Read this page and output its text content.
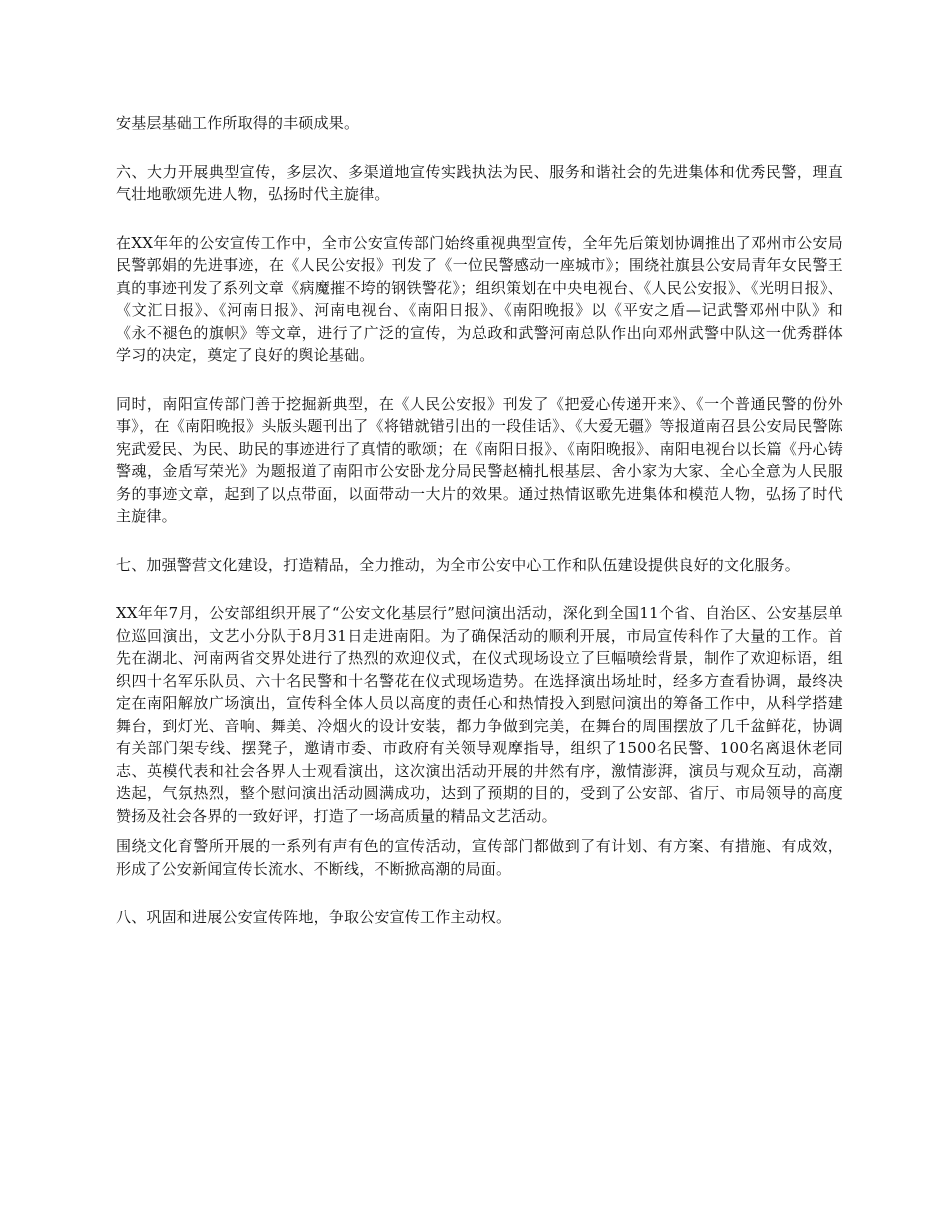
安基层基础工作所取得的丰硕成果。

六、大力开展典型宣传，多层次、多渠道地宣传实践执法为民、服务和谐社会的先进集体和优秀民警，理直气壮地歌颂先进人物，弘扬时代主旋律。

在XX年年的公安宣传工作中，全市公安宣传部门始终重视典型宣传，全年先后策划协调推出了邓州市公安局民警郭娟的先进事迹，在《人民公安报》刊发了《一位民警感动一座城市》；围绕社旗县公安局青年女民警王真的事迹刊发了系列文章《病魔摧不垮的钢铁警花》；组织策划在中央电视台、《人民公安报》、《光明日报》、《文汇日报》、《河南日报》、河南电视台、《南阳日报》、《南阳晚报》以《平安之盾—记武警邓州中队》和《永不褪色的旗帜》等文章，进行了广泛的宣传，为总政和武警河南总队作出向邓州武警中队这一优秀群体学习的决定，奠定了良好的舆论基础。

同时，南阳宣传部门善于挖掘新典型，在《人民公安报》刊发了《把爱心传递开来》、《一个普通民警的份外事》，在《南阳晚报》头版头题刊出了《将错就错引出的一段佳话》、《大爱无疆》等报道南召县公安局民警陈宪武爱民、为民、助民的事迹进行了真情的歌颂；在《南阳日报》、《南阳晚报》、南阳电视台以长篇《丹心铸警魂，金盾写荣光》为题报道了南阳市公安卧龙分局民警赵楠扎根基层、舍小家为大家、全心全意为人民服务的事迹文章，起到了以点带面，以面带动一大片的效果。通过热情讴歌先进集体和模范人物，弘扬了时代主旋律。

七、加强警营文化建设，打造精品，全力推动，为全市公安中心工作和队伍建设提供良好的文化服务。

XX年年7月，公安部组织开展了“公安文化基层行”慰问演出活动，深化到全国11个省、自治区、公安基层单位巡回演出，文艺小分队于8月31日走进南阳。为了确保活动的顺利开展，市局宣传科作了大量的工作。首先在湖北、河南两省交界处进行了热烈的欢迎仪式，在仪式现场设立了巨幅喷绘背景，制作了欢迎标语，组织四十名军乐队员、六十名民警和十名警花在仪式现场造势。在选择演出场址时，经多方查看协调，最终决定在南阳解放广场演出，宣传科全体人员以高度的责任心和热情投入到慰问演出的筹备工作中，从科学搭建舞台，到灯光、音响、舞美、冷烟火的设计安装，都力争做到完美，在舞台的周围摆放了几千盆鲜花，协调有关部门架专线、摆凳子，邀请市委、市政府有关领导观摩指导，组织了1500名民警、100名离退休老同志、英模代表和社会各界人士观看演出，这次演出活动开展的井然有序，激情澎湃，演员与观众互动，高潮迭起，气氛热烈，整个慰问演出活动圆满成功，达到了预期的目的，受到了公安部、省厅、市局领导的高度赞扬及社会各界的一致好评，打造了一场高质量的精品文艺活动。

围绕文化育警所开展的一系列有声有色的宣传活动，宣传部门都做到了有计划、有方案、有措施、有成效，形成了公安新闻宣传长流水、不断线，不断掀高潮的局面。

八、巩固和进展公安宣传阵地，争取公安宣传工作主动权。
